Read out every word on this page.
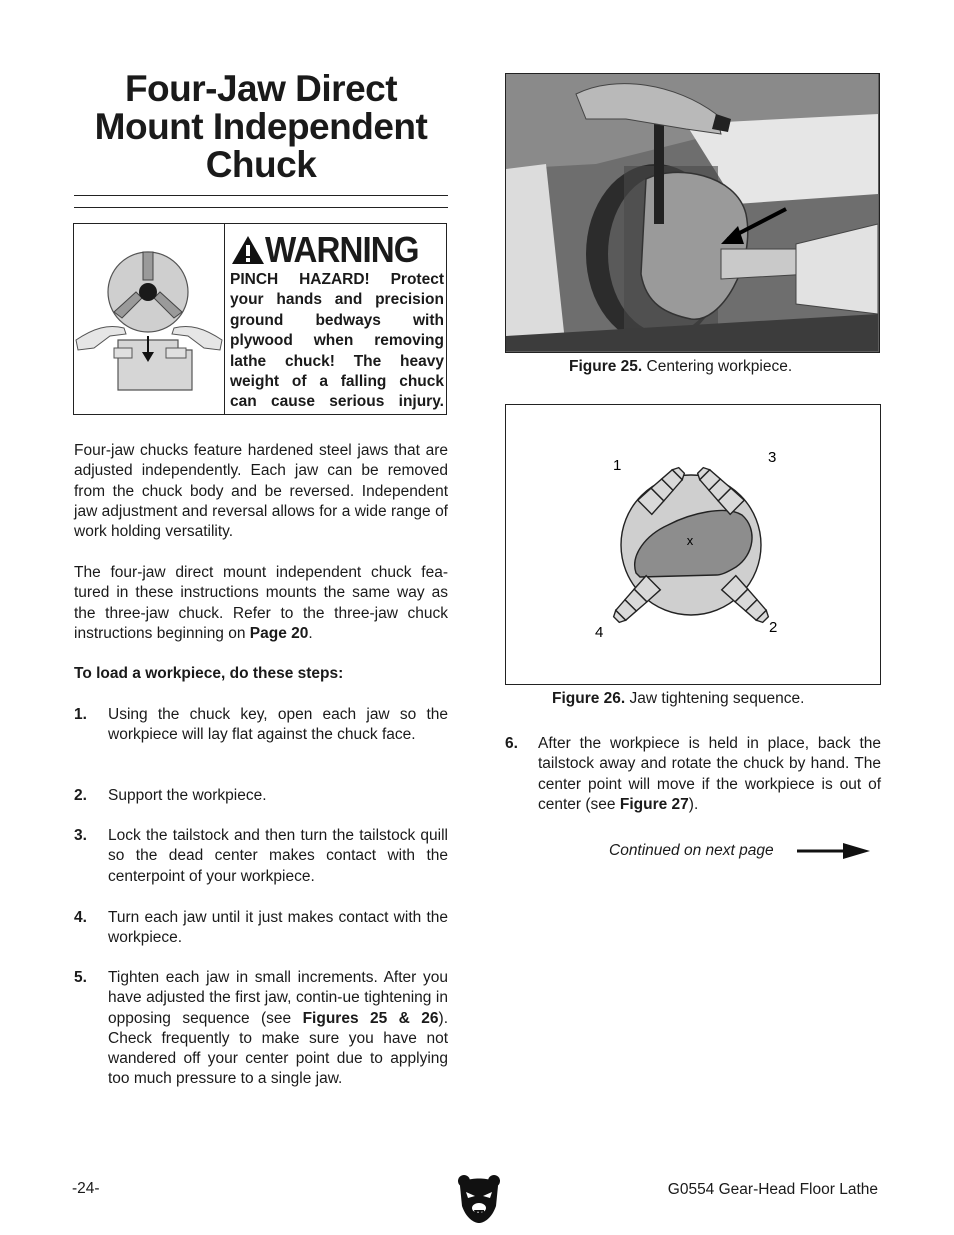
Four-Jaw Direct
Mount Independent
Chuck
WARNING
PINCH HAZARD! Protect
your hands and precision
ground bedways with
plywood when removing
lathe chuck! The heavy
weight of a falling chuck
can cause serious injury.

Four-jaw chucks feature hardened steel jaws that are adjusted independently. Each jaw can be removed from the chuck body and be reversed. Independent jaw adjustment and reversal allows for a wide range of work holding versatility.

The four-jaw direct mount independent chuck fea-tured in these instructions mounts the same way as the three-jaw chuck. Refer to the three-jaw chuck instructions beginning on Page 20.

To load a workpiece, do these steps:

1. Using the chuck key, open each jaw so the workpiece will lay flat against the chuck face.
2. Support the workpiece.
3. Lock the tailstock and then turn the tailstock quill so the dead center makes contact with the centerpoint of your workpiece.
4. Turn each jaw until it just makes contact with the workpiece.
5. Tighten each jaw in small increments. After you have adjusted the first jaw, contin-ue tightening in opposing sequence (see Figures 25 & 26). Check frequently to make sure you have not wandered off your center point due to applying too much pressure to a single jaw.
Figure 25. Centering workpiece.
x
1	3
4	2
Figure 26. Jaw tightening sequence.
6. After the workpiece is held in place, back the tailstock away and rotate the chuck by hand. The center point will move if the workpiece is out of center (see Figure 27).
Continued on next page
-24-	G0554 Gear-Head Floor Lathe
